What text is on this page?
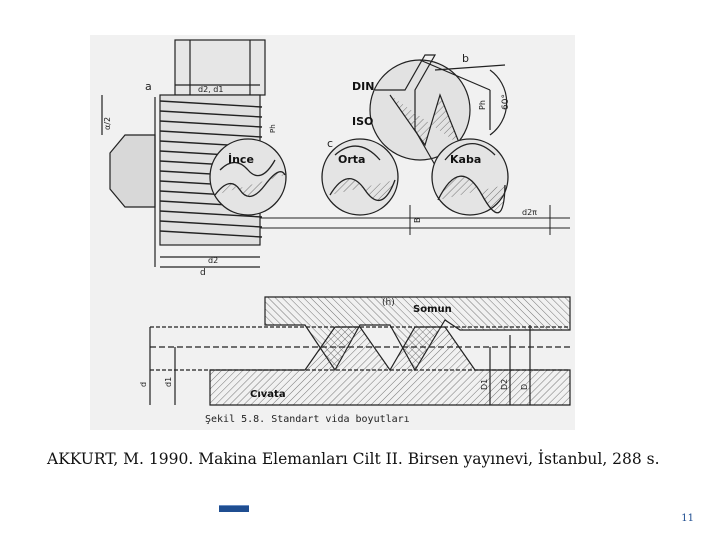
a	d2, d1
d2
d
α/2	Ph
b
DIN
ISO
c
60°
Ph
İnce	Orta	Kaba
B
d2π
(h)
Somun
Cıvata
d d1	D1 D2 D
Şekil 5.8. Standart vida boyutları
AKKURT, M. 1990. Makina Elemanları Cilt II. Birsen yayınevi, İstanbul, 288 s.
11
